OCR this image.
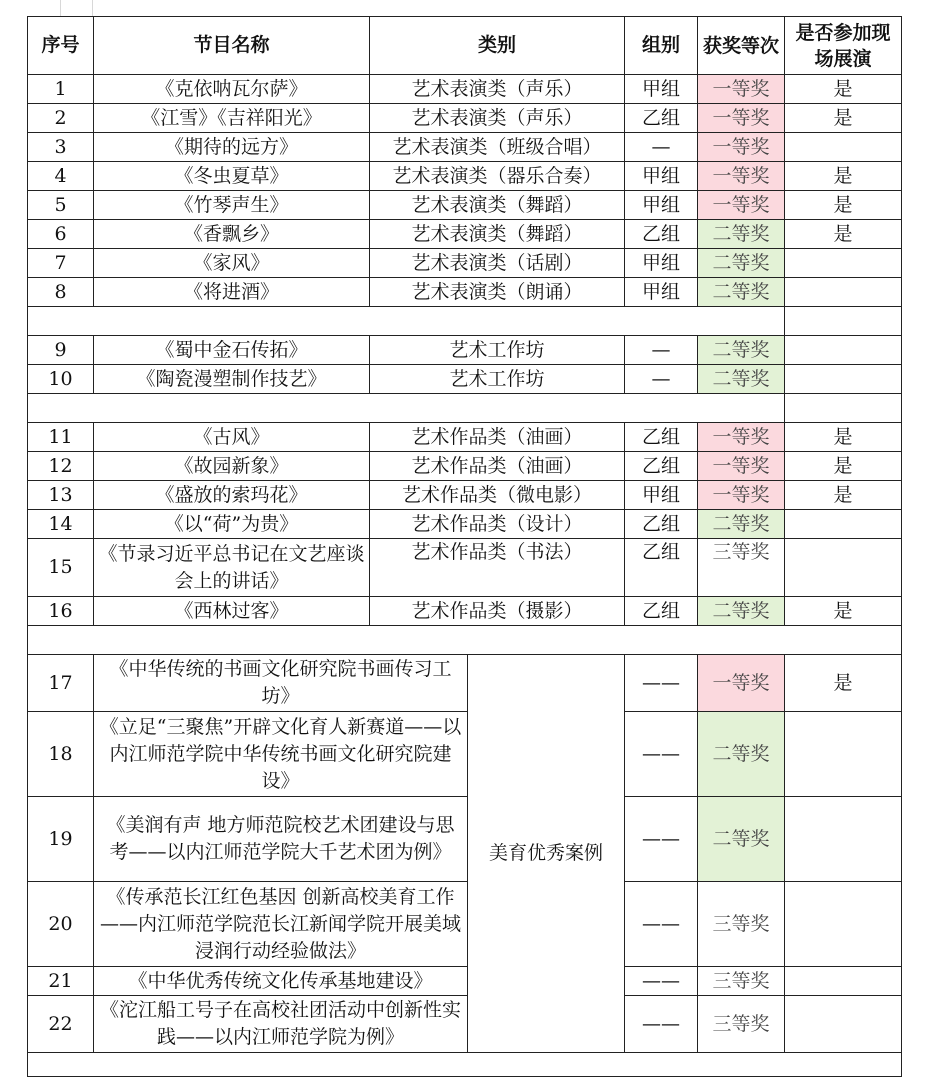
序号	节目名称	类别		组别	获奖等次	是否参加现场展演
1	《克依呐瓦尔萨》	艺术表演类（声乐）		甲组	一等奖	是
2	《江雪》《吉祥阳光》	艺术表演类（声乐）		乙组	一等奖	是
3	《期待的远方》	艺术表演类（班级合唱）		—	一等奖	
4	《冬虫夏草》	艺术表演类（器乐合奏）		甲组	一等奖	是
5	《竹琴声生》	艺术表演类（舞蹈）		甲组	一等奖	是
6	《香飘乡》	艺术表演类（舞蹈）		乙组	二等奖	是
7	《家风》	艺术表演类（话剧）		甲组	二等奖	
8	《将进酒》	艺术表演类（朗诵）		甲组	二等奖	

9	《蜀中金石传拓》	艺术工作坊		—	二等奖	
10	《陶瓷漫塑制作技艺》	艺术工作坊		—	二等奖	

11	《古风》	艺术作品类（油画）		乙组	一等奖	是
12	《故园新象》	艺术作品类（油画）		乙组	一等奖	是
13	《盛放的索玛花》	艺术作品类（微电影）		甲组	一等奖	是
14	《以“荷”为贵》	艺术作品类（设计）		乙组	二等奖	
15	《节录习近平总书记在文艺座谈会上的讲话》	艺术作品类（书法）		乙组	三等奖	
16	《西林过客》	艺术作品类（摄影）		乙组	二等奖	是

17	《中华传统的书画文化研究院书画传习工坊》		美育优秀案例	——	一等奖	是
18	《立足“三聚焦”开辟文化育人新赛道——以内江师范学院中华传统书画文化研究院建设》			——	二等奖	
19	《美润有声 地方师范院校艺术团建设与思考——以内江师范学院大千艺术团为例》			——	二等奖	
20	《传承范长江红色基因 创新高校美育工作——内江师范学院范长江新闻学院开展美域浸润行动经验做法》			——	三等奖	
21	《中华优秀传统文化传承基地建设》			——	三等奖	
22	《沱江船工号子在高校社团活动中创新性实践——以内江师范学院为例》			——	三等奖	
